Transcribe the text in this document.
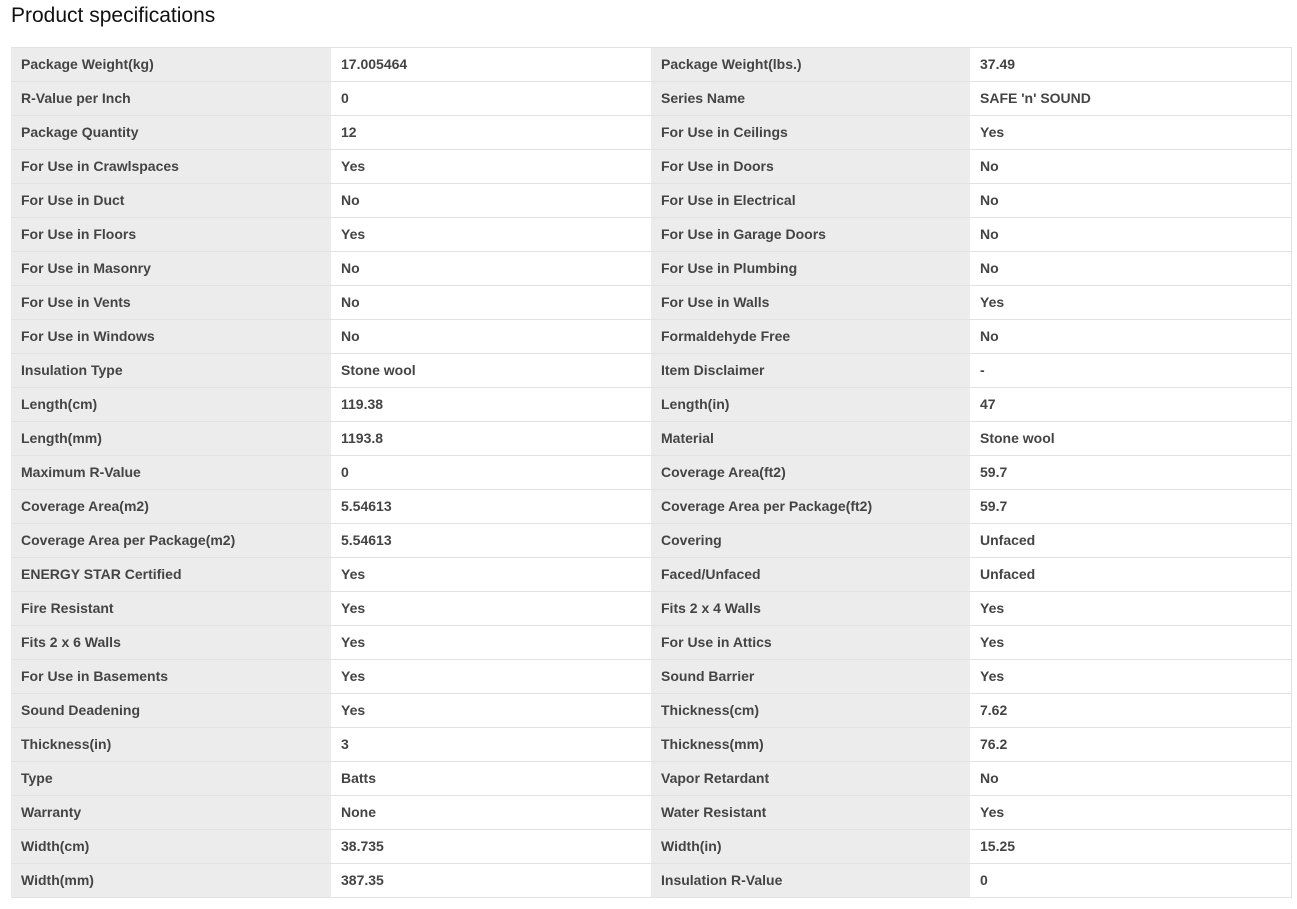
Product specifications
Package Weight(kg)	17.005464	Package Weight(lbs.)	37.49
R-Value per Inch	0	Series Name	SAFE 'n' SOUND
Package Quantity	12	For Use in Ceilings	Yes
For Use in Crawlspaces	Yes	For Use in Doors	No
For Use in Duct	No	For Use in Electrical	No
For Use in Floors	Yes	For Use in Garage Doors	No
For Use in Masonry	No	For Use in Plumbing	No
For Use in Vents	No	For Use in Walls	Yes
For Use in Windows	No	Formaldehyde Free	No
Insulation Type	Stone wool	Item Disclaimer	-
Length(cm)	119.38	Length(in)	47
Length(mm)	1193.8	Material	Stone wool
Maximum R-Value	0	Coverage Area(ft2)	59.7
Coverage Area(m2)	5.54613	Coverage Area per Package(ft2)	59.7
Coverage Area per Package(m2)	5.54613	Covering	Unfaced
ENERGY STAR Certified	Yes	Faced/Unfaced	Unfaced
Fire Resistant	Yes	Fits 2 x 4 Walls	Yes
Fits 2 x 6 Walls	Yes	For Use in Attics	Yes
For Use in Basements	Yes	Sound Barrier	Yes
Sound Deadening	Yes	Thickness(cm)	7.62
Thickness(in)	3	Thickness(mm)	76.2
Type	Batts	Vapor Retardant	No
Warranty	None	Water Resistant	Yes
Width(cm)	38.735	Width(in)	15.25
Width(mm)	387.35	Insulation R-Value	0
